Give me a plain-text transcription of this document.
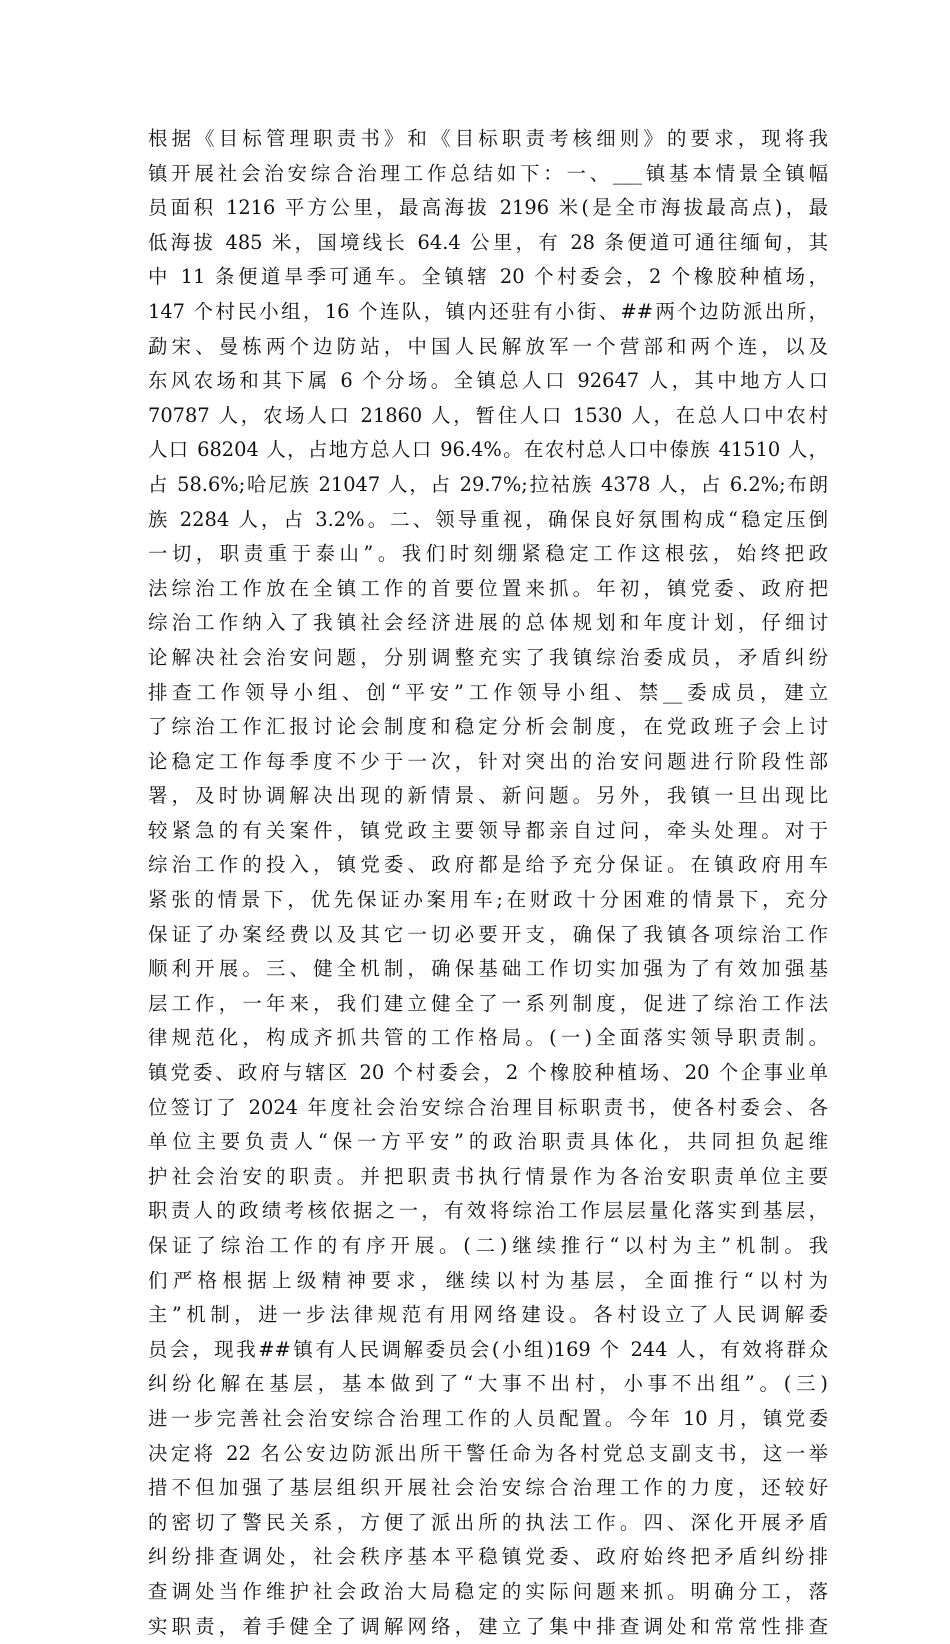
根据《目标管理职责书》和《目标职责考核细则》的要求，现将我
镇开展社会治安综合治理工作总结如下：一、___镇基本情景全镇幅
员面积 1216 平方公里，最高海拔 2196 米(是全市海拔最高点)，最
低海拔 485 米，国境线长 64.4 公里，有 28 条便道可通往缅甸，其
中 11 条便道旱季可通车。全镇辖 20 个村委会，2 个橡胶种植场，
147 个村民小组，16 个连队，镇内还驻有小街、##两个边防派出所，
勐宋、曼栋两个边防站，中国人民解放军一个营部和两个连，以及
东风农场和其下属 6 个分场。全镇总人口 92647 人，其中地方人口
70787 人，农场人口 21860 人，暂住人口 1530 人，在总人口中农村
人口 68204 人，占地方总人口 96.4%。在农村总人口中傣族 41510 人，
占 58.6%;哈尼族 21047 人，占 29.7%;拉祜族 4378 人，占 6.2%;布朗
族 2284 人，占 3.2%。二、领导重视，确保良好氛围构成“稳定压倒
一切，职责重于泰山”。我们时刻绷紧稳定工作这根弦，始终把政
法综治工作放在全镇工作的首要位置来抓。年初，镇党委、政府把
综治工作纳入了我镇社会经济进展的总体规划和年度计划，仔细讨
论解决社会治安问题，分别调整充实了我镇综治委成员，矛盾纠纷
排查工作领导小组、创“平安”工作领导小组、禁__委成员，建立
了综治工作汇报讨论会制度和稳定分析会制度，在党政班子会上讨
论稳定工作每季度不少于一次，针对突出的治安问题进行阶段性部
署，及时协调解决出现的新情景、新问题。另外，我镇一旦出现比
较紧急的有关案件，镇党政主要领导都亲自过问，牵头处理。对于
综治工作的投入，镇党委、政府都是给予充分保证。在镇政府用车
紧张的情景下，优先保证办案用车;在财政十分困难的情景下，充分
保证了办案经费以及其它一切必要开支，确保了我镇各项综治工作
顺利开展。三、健全机制，确保基础工作切实加强为了有效加强基
层工作，一年来，我们建立健全了一系列制度，促进了综治工作法
律规范化，构成齐抓共管的工作格局。(一)全面落实领导职责制。
镇党委、政府与辖区 20 个村委会，2 个橡胶种植场、20 个企事业单
位签订了 2024 年度社会治安综合治理目标职责书，使各村委会、各
单位主要负责人“保一方平安”的政治职责具体化，共同担负起维
护社会治安的职责。并把职责书执行情景作为各治安职责单位主要
职责人的政绩考核依据之一，有效将综治工作层层量化落实到基层，
保证了综治工作的有序开展。(二)继续推行“以村为主”机制。我
们严格根据上级精神要求，继续以村为基层，全面推行“以村为
主”机制，进一步法律规范有用网络建设。各村设立了人民调解委
员会，现我##镇有人民调解委员会(小组)169 个 244 人，有效将群众
纠纷化解在基层，基本做到了“大事不出村，小事不出组”。(三)
进一步完善社会治安综合治理工作的人员配置。今年 10 月，镇党委
决定将 22 名公安边防派出所干警任命为各村党总支副支书，这一举
措不但加强了基层组织开展社会治安综合治理工作的力度，还较好
的密切了警民关系，方便了派出所的执法工作。四、深化开展矛盾
纠纷排查调处，社会秩序基本平稳镇党委、政府始终把矛盾纠纷排
查调处当作维护社会政治大局稳定的实际问题来抓。明确分工，落
实职责，着手健全了调解网络，建立了集中排查调处和常常性排查
